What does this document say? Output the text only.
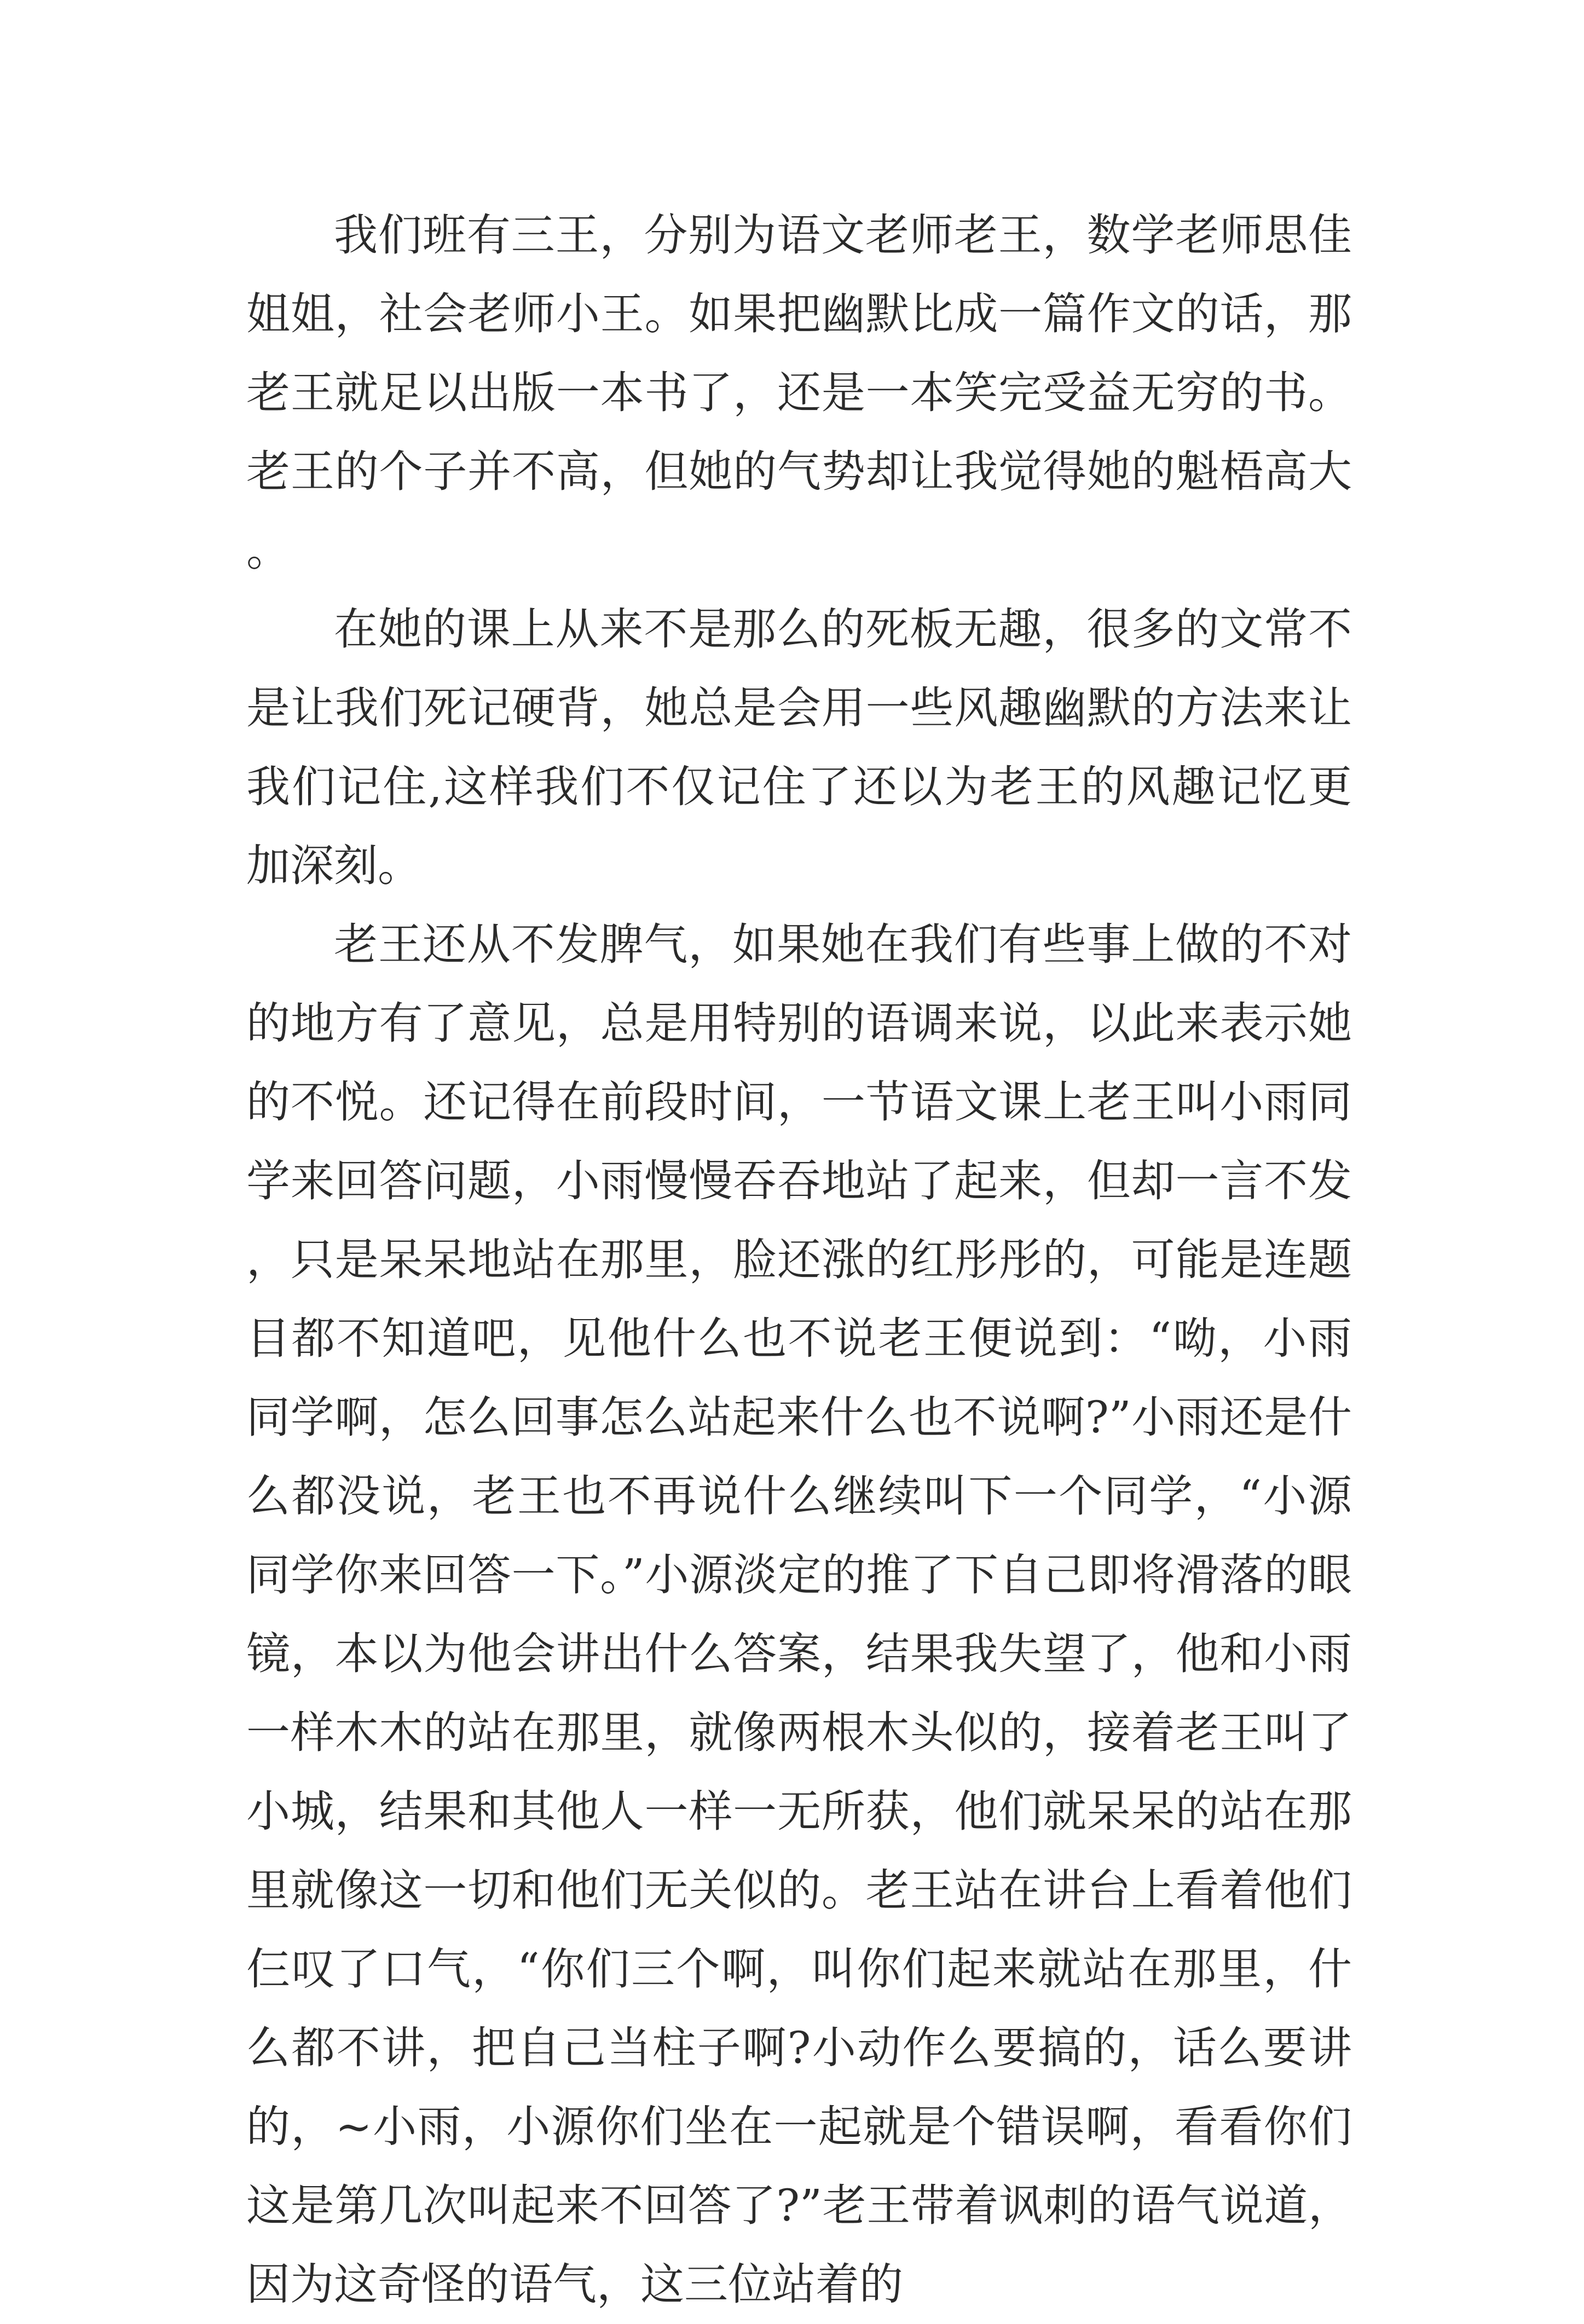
我们班有三王，分别为语文老师老王，数学老师思佳姐姐，社会老师小王。如果把幽默比成一篇作文的话，那老王就足以出版一本书了，还是一本笑完受益无穷的书。老王的个子并不高，但她的气势却让我觉得她的魁梧高大。

在她的课上从来不是那么的死板无趣，很多的文常不是让我们死记硬背，她总是会用一些风趣幽默的方法来让我们记住,这样我们不仅记住了还以为老王的风趣记忆更加深刻。

老王还从不发脾气，如果她在我们有些事上做的不对的地方有了意见，总是用特别的语调来说，以此来表示她的不悦。还记得在前段时间，一节语文课上老王叫小雨同学来回答问题，小雨慢慢吞吞地站了起来，但却一言不发，只是呆呆地站在那里，脸还涨的红彤彤的，可能是连题目都不知道吧，见他什么也不说老王便说到：“呦，小雨同学啊，怎么回事怎么站起来什么也不说啊?”小雨还是什么都没说，老王也不再说什么继续叫下一个同学，“小源同学你来回答一下。”小源淡定的推了下自己即将滑落的眼镜，本以为他会讲出什么答案，结果我失望了，他和小雨一样木木的站在那里，就像两根木头似的，接着老王叫了小城，结果和其他人一样一无所获，他们就呆呆的站在那里就像这一切和他们无关似的。老王站在讲台上看着他们仨叹了口气，“你们三个啊，叫你们起来就站在那里，什么都不讲，把自己当柱子啊?小动作么要搞的，话么要讲的，~小雨，小源你们坐在一起就是个错误啊，看看你们这是第几次叫起来不回答了?”老王带着讽刺的语气说道，因为这奇怪的语气，这三位站着的
